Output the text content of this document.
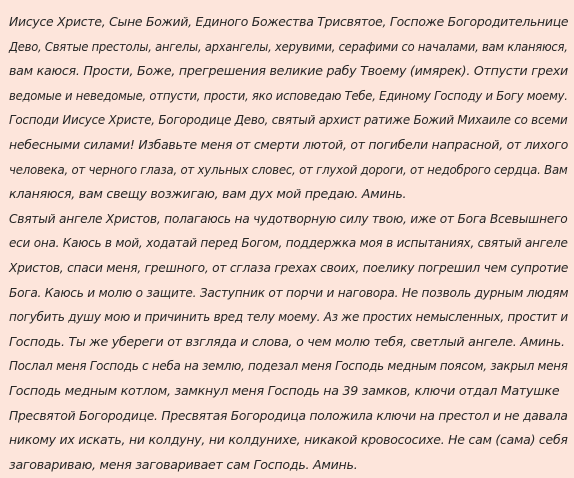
Иисусе Христе, Сыне Божий, Единого Божества Трисвятое, Госпоже Богородительнице
Дево, Святые престолы, ангелы, архангелы, херувими, серафими со началами, вам кланяюся,
вам каюся. Прости, Боже, прегрешения великие рабу Твоему (имярек). Отпусти грехи
ведомые и неведомые, отпусти, прости, яко исповедаю Тебе, Единому Господу и Богу моему.
Господи Иисусе Христе, Богородице Дево, святый архист ратиже Божий Михаиле со всеми
небесными силами! Избавьте меня от смерти лютой, от погибели напрасной, от лихого
человека, от черного глаза, от хульных словес, от глухой дороги, от недоброго сердца. Вам
кланяюся, вам свещу возжигаю, вам дух мой предаю. Аминь.
Святый ангеле Христов, полагаюсь на чудотворную силу твою, иже от Бога Всевышнего
еси она. Каюсь в мой, ходатай перед Богом, поддержка моя в испытаниях, святый ангеле
Христов, спаси меня, грешного, от сглаза грехах своих, поелику погрешил чем супротие
Бога. Каюсь и молю о защите. Заступник от порчи и наговора. Не позволь дурным людям
погубить душу мою и причинить вред телу моему. Аз же простих немысленных, простит и
Господь. Ты же убереги от взгляда и слова, о чем молю тебя, светлый ангеле. Аминь.
Послал меня Господь с неба на землю, подезал меня Господь медным поясом, закрыл меня
Господь медным котлом, замкнул меня Господь на 39 замков, ключи отдал Матушке
Пресвятой Богородице. Пресвятая Богородица положила ключи на престол и не давала
никому их искать, ни колдуну, ни колдунихе, никакой кровососихе. Не сам (сама) себя
заговариваю, меня заговаривает сам Господь. Аминь.
